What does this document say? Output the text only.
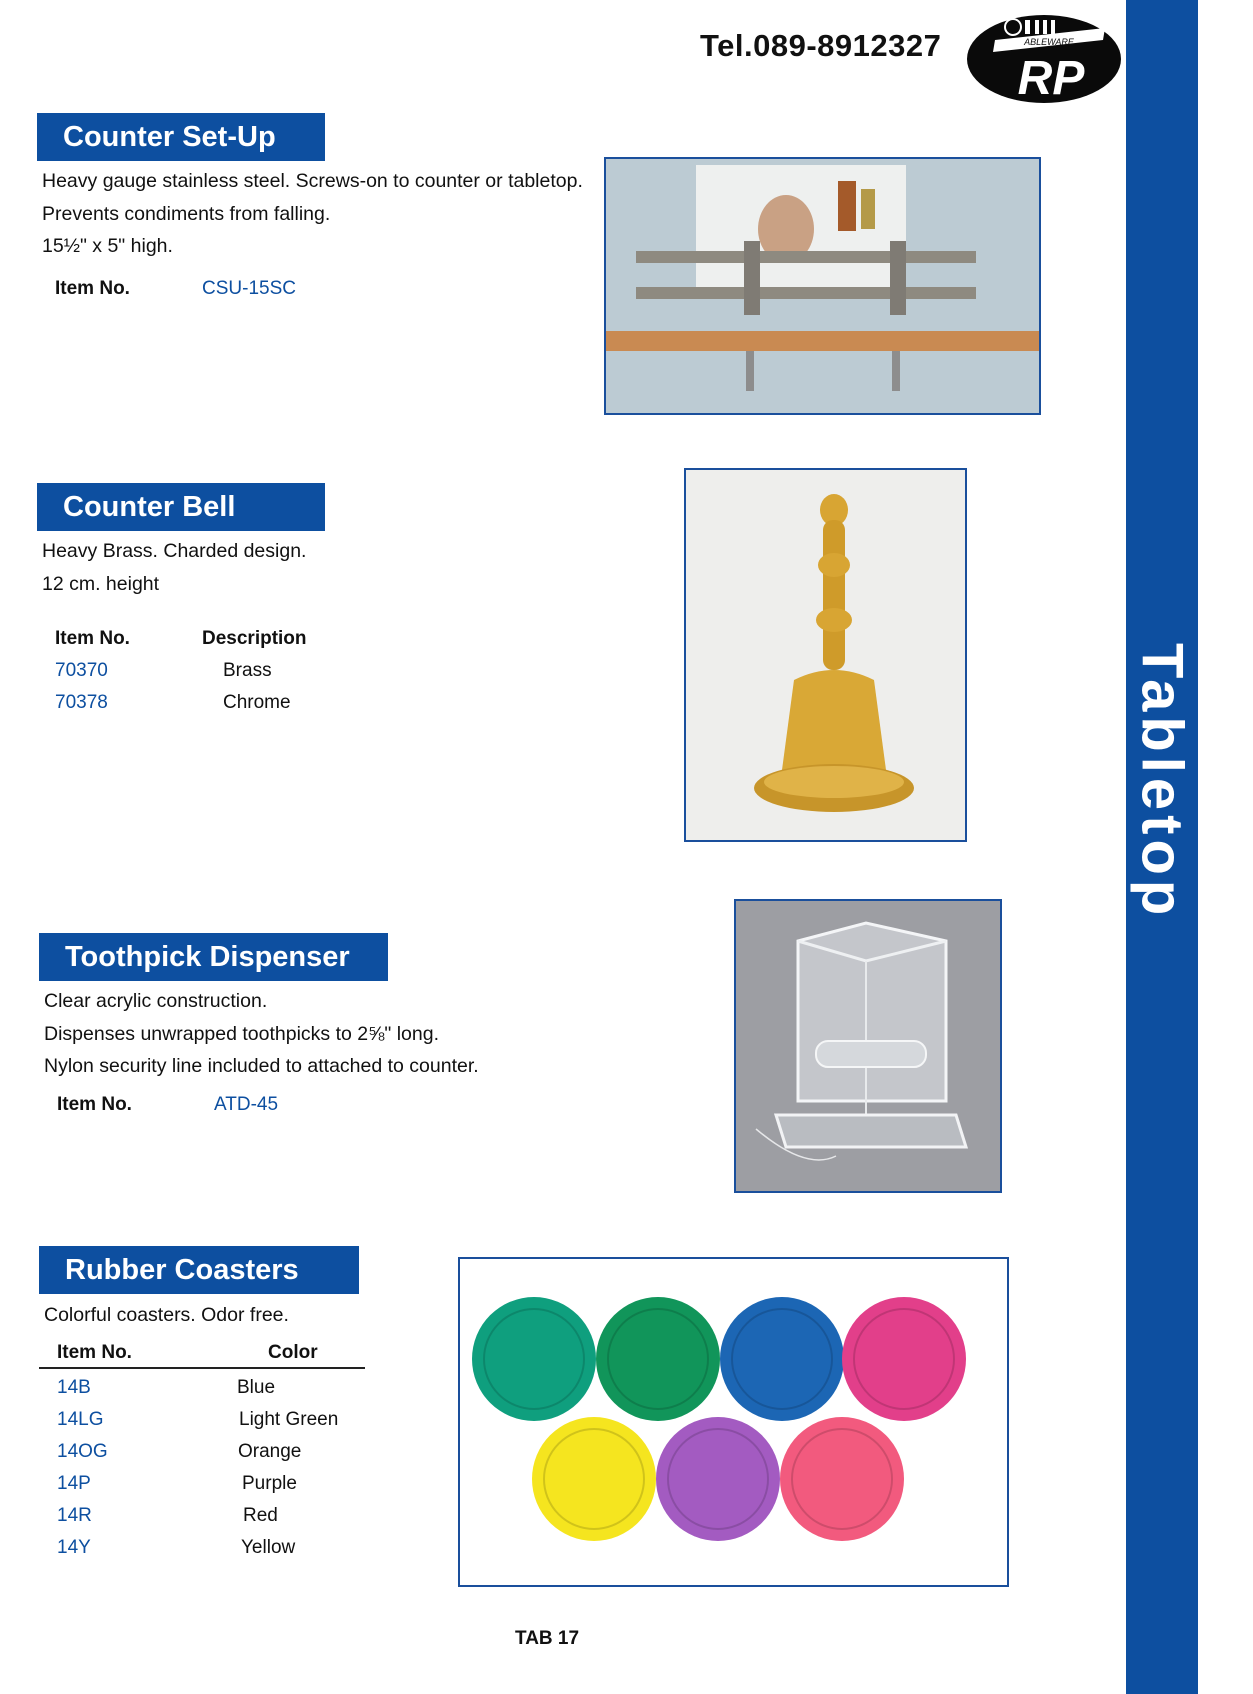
Tabletop
Tel.089-8912327	ABLEWARE
RP
Counter Set-Up
Heavy gauge stainless steel. Screws-on to counter or tabletop.
Prevents condiments from falling.
15½" x 5" high.
Item No.	CSU-15SC
Counter Bell
Heavy Brass. Charded design.
12 cm. height
Item No.	Description
70370	Brass
70378	Chrome
Toothpick Dispenser
Clear acrylic construction.
Dispenses unwrapped toothpicks to 2⅝" long.
Nylon security line included to attached to counter.
Item No.	ATD-45
Rubber Coasters
Colorful coasters. Odor free.
Item No.	Color
14B	Blue
14LG	Light Green
14OG	Orange
14P	Purple
14R	Red
14Y	Yellow
TAB 17
